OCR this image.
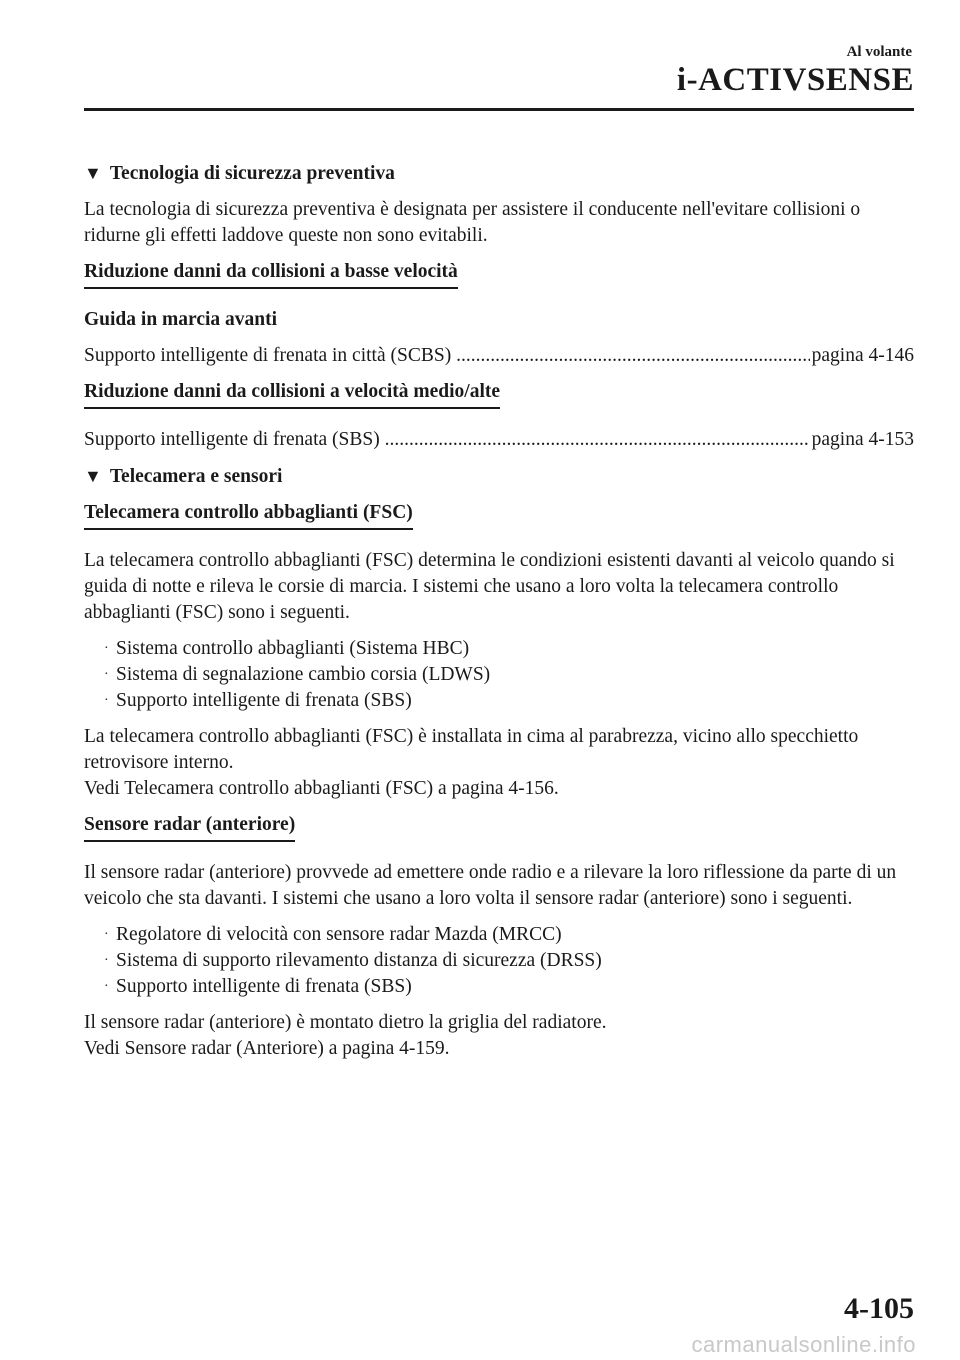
Al volante
i-ACTIVSENSE
▼ Tecnologia di sicurezza preventiva

La tecnologia di sicurezza preventiva è designata per assistere il conducente nell'evitare collisioni o ridurne gli effetti laddove queste non sono evitabili.

Riduzione danni da collisioni a basse velocità
Guida in marcia avanti
Supporto intelligente di frenata in città (SCBS) .....	pagina 4-146
Riduzione danni da collisioni a velocità medio/alte
Supporto intelligente di frenata (SBS) .....	pagina 4-153
▼ Telecamera e sensori
Telecamera controllo abbaglianti (FSC)

La telecamera controllo abbaglianti (FSC) determina le condizioni esistenti davanti al veicolo quando si guida di notte e rileva le corsie di marcia. I sistemi che usano a loro volta la telecamera controllo abbaglianti (FSC) sono i seguenti.

· Sistema controllo abbaglianti (Sistema HBC)
· Sistema di segnalazione cambio corsia (LDWS)
· Supporto intelligente di frenata (SBS)

La telecamera controllo abbaglianti (FSC) è installata in cima al parabrezza, vicino allo specchietto retrovisore interno.
Vedi Telecamera controllo abbaglianti (FSC) a pagina 4-156.

Sensore radar (anteriore)

Il sensore radar (anteriore) provvede ad emettere onde radio e a rilevare la loro riflessione da parte di un veicolo che sta davanti. I sistemi che usano a loro volta il sensore radar (anteriore) sono i seguenti.

· Regolatore di velocità con sensore radar Mazda (MRCC)
· Sistema di supporto rilevamento distanza di sicurezza (DRSS)
· Supporto intelligente di frenata (SBS)

Il sensore radar (anteriore) è montato dietro la griglia del radiatore.
Vedi Sensore radar (Anteriore) a pagina 4-159.

4-105
carmanualsonline.info
